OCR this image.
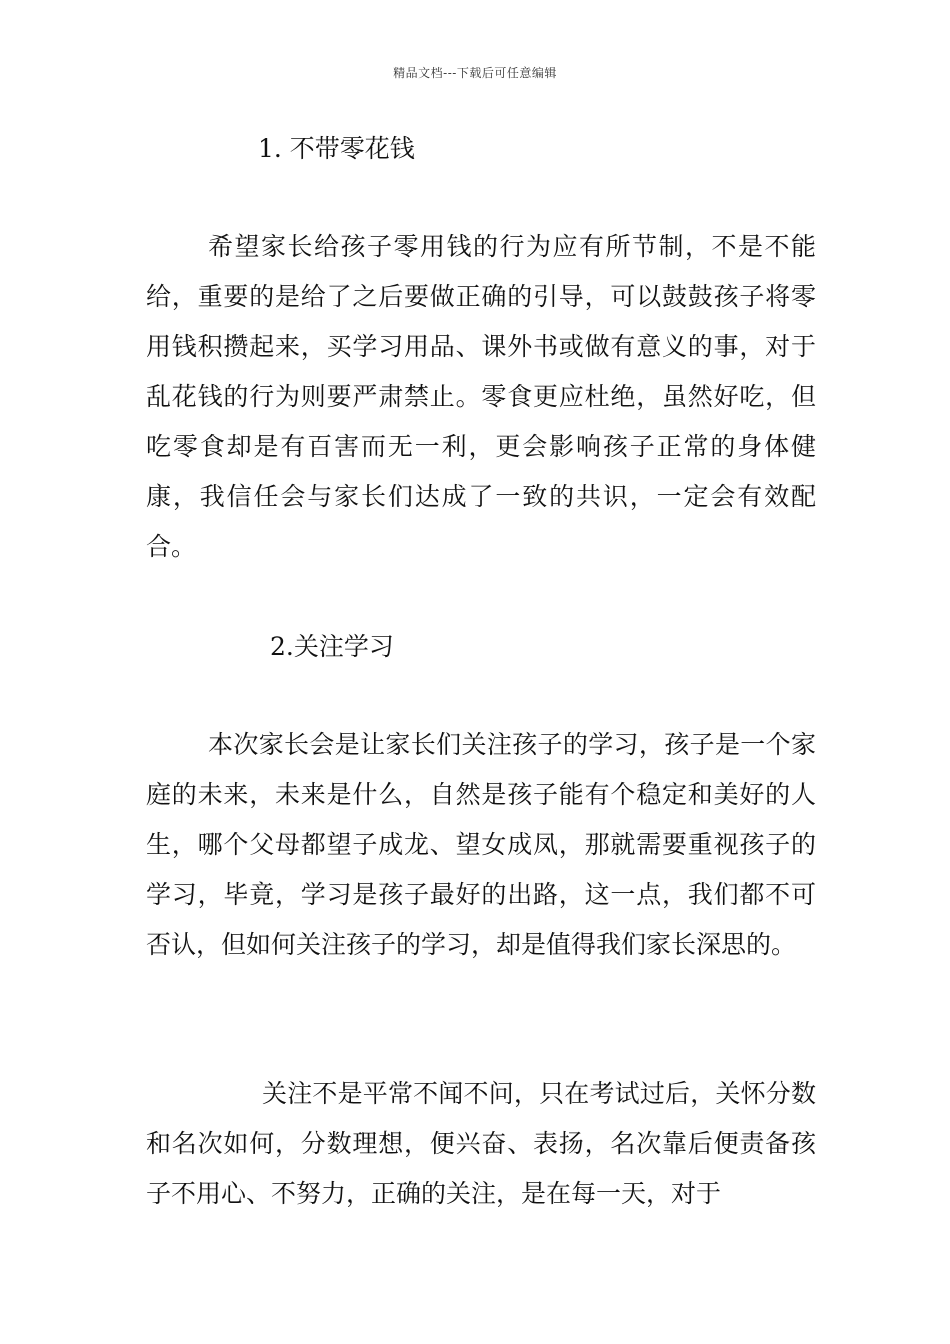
精品文档---下载后可任意编辑
1. 不带零花钱
希望家长给孩子零用钱的行为应有所节制，不是不能给，重要的是给了之后要做正确的引导，可以鼓鼓孩子将零用钱积攒起来，买学习用品、课外书或做有意义的事，对于乱花钱的行为则要严肃禁止。零食更应杜绝，虽然好吃，但吃零食却是有百害而无一利，更会影响孩子正常的身体健康，我信任会与家长们达成了一致的共识，一定会有效配合。
2.关注学习
本次家长会是让家长们关注孩子的学习，孩子是一个家庭的未来，未来是什么，自然是孩子能有个稳定和美好的人生，哪个父母都望子成龙、望女成凤，那就需要重视孩子的学习，毕竟，学习是孩子最好的出路，这一点，我们都不可否认，但如何关注孩子的学习，却是值得我们家长深思的。
关注不是平常不闻不问，只在考试过后，关怀分数和名次如何，分数理想，便兴奋、表扬，名次靠后便责备孩子不用心、不努力，正确的关注，是在每一天，对于
